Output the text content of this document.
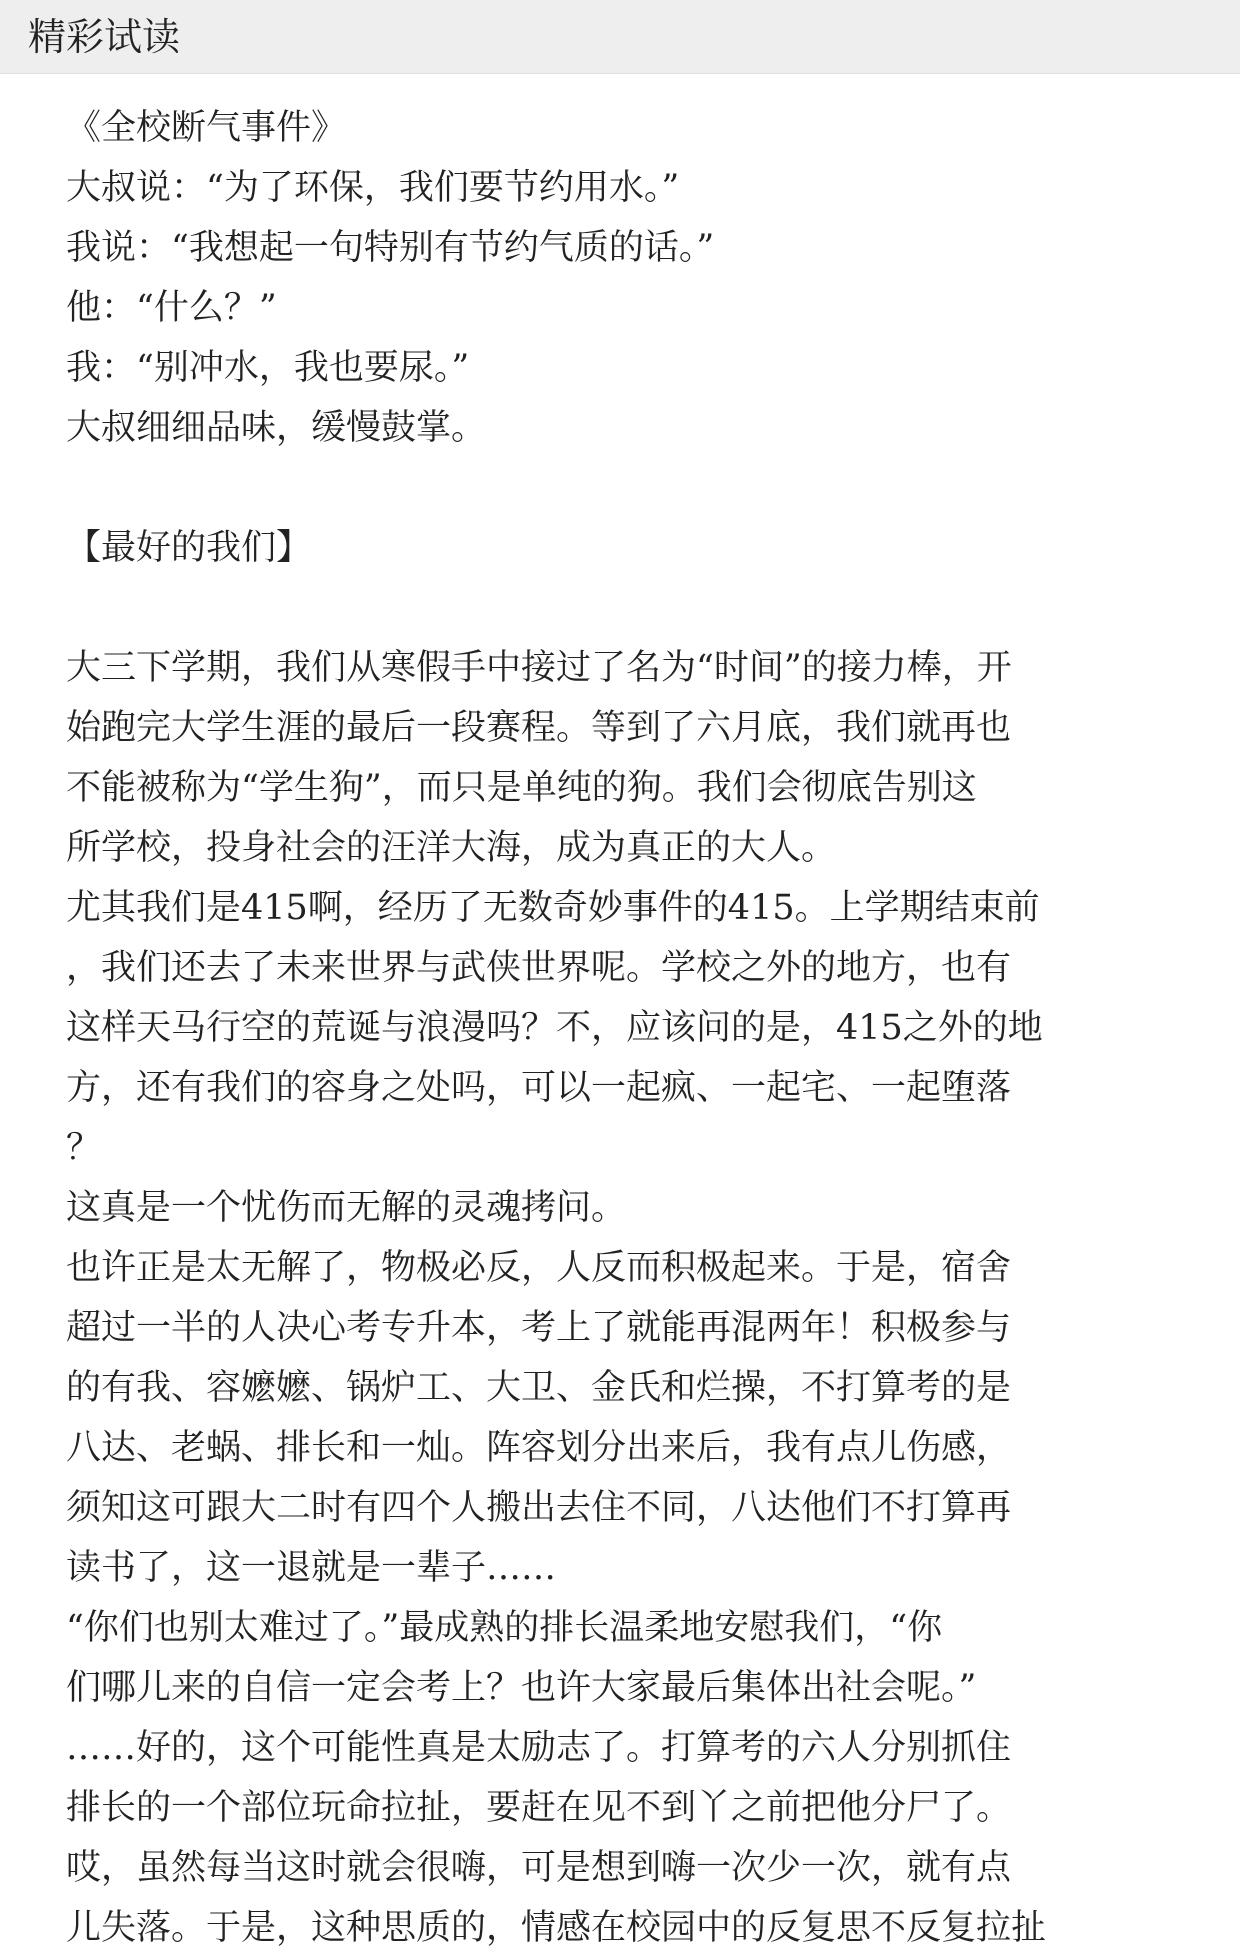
精彩试读
《全校断气事件》
大叔说：“为了环保，我们要节约用水。”
我说：“我想起一句特别有节约气质的话。”
他：“什么？”
我：“别冲水，我也要尿。”
大叔细细品味，缓慢鼓掌。
【最好的我们】
大三下学期，我们从寒假手中接过了名为“时间”的接力棒，开
始跑完大学生涯的最后一段赛程。等到了六月底，我们就再也
不能被称为“学生狗”，而只是单纯的狗。我们会彻底告别这
所学校，投身社会的汪洋大海，成为真正的大人。
尤其我们是415啊，经历了无数奇妙事件的415。上学期结束前
，我们还去了未来世界与武侠世界呢。学校之外的地方，也有
这样天马行空的荒诞与浪漫吗？不，应该问的是，415之外的地
方，还有我们的容身之处吗，可以一起疯、一起宅、一起堕落
？
这真是一个忧伤而无解的灵魂拷问。
也许正是太无解了，物极必反，人反而积极起来。于是，宿舍
超过一半的人决心考专升本，考上了就能再混两年！积极参与
的有我、容嬷嬷、锅炉工、大卫、金氏和烂操，不打算考的是
八达、老蜗、排长和一灿。阵容划分出来后，我有点儿伤感，
须知这可跟大二时有四个人搬出去住不同，八达他们不打算再
读书了，这一退就是一辈子……
“你们也别太难过了。”最成熟的排长温柔地安慰我们，“你
们哪儿来的自信一定会考上？也许大家最后集体出社会呢。”
……好的，这个可能性真是太励志了。打算考的六人分别抓住
排长的一个部位玩命拉扯，要赶在见不到丫之前把他分尸了。
哎，虽然每当这时就会很嗨，可是想到嗨一次少一次，就有点
儿失落。于是，这种思质的，情感在校园中的反复思不反复拉扯
